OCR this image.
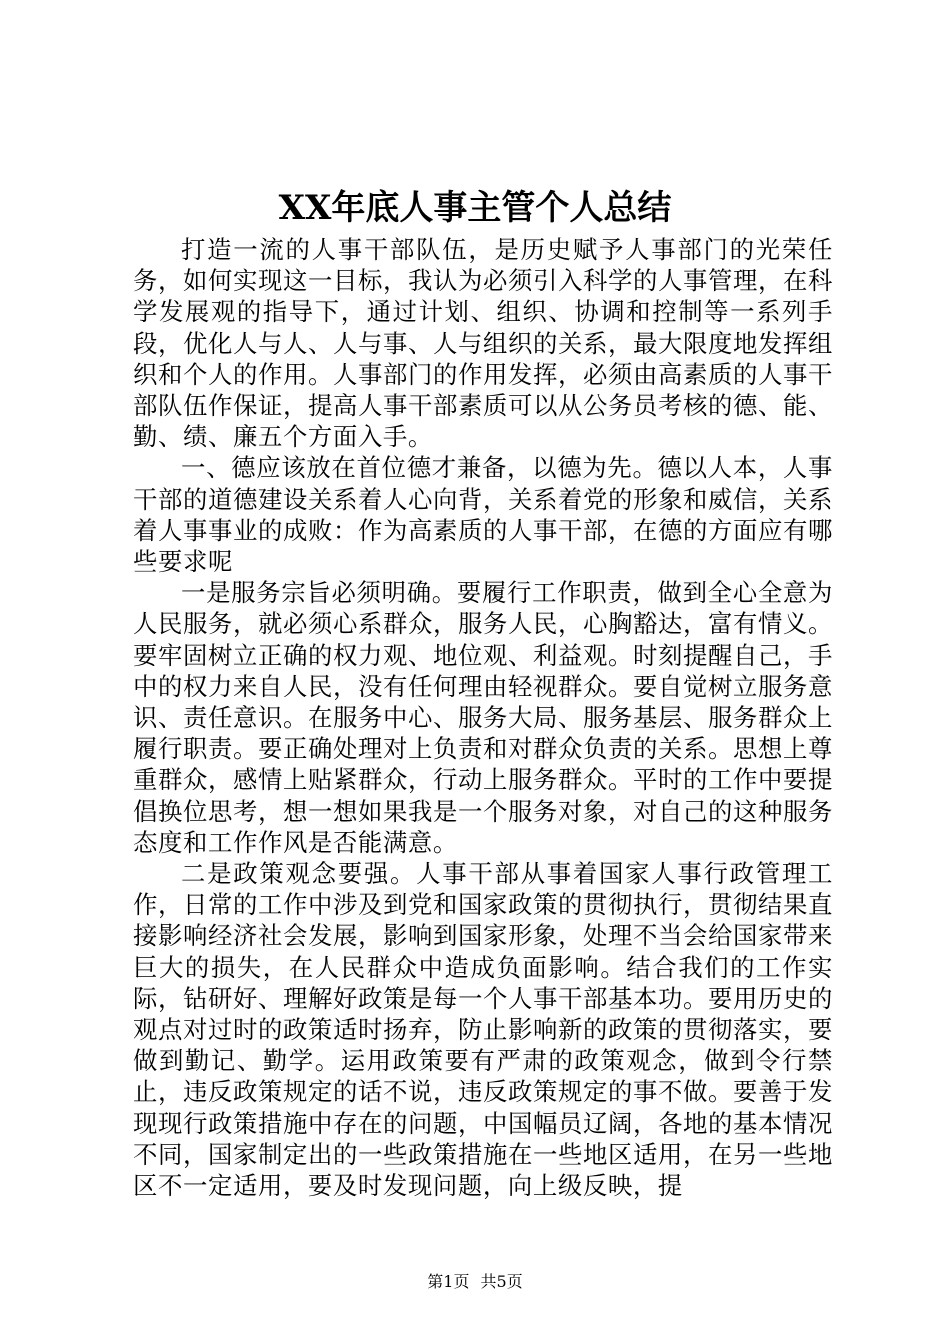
XX年底人事主管个人总结

打造一流的人事干部队伍，是历史赋予人事部门的光荣任务，如何实现这一目标，我认为必须引入科学的人事管理，在科学发展观的指导下，通过计划、组织、协调和控制等一系列手段，优化人与人、人与事、人与组织的关系，最大限度地发挥组织和个人的作用。人事部门的作用发挥，必须由高素质的人事干部队伍作保证，提高人事干部素质可以从公务员考核的德、能、勤、绩、廉五个方面入手。

一、德应该放在首位德才兼备，以德为先。德以人本，人事干部的道德建设关系着人心向背，关系着党的形象和威信，关系着人事事业的成败：作为高素质的人事干部，在德的方面应有哪些要求呢

一是服务宗旨必须明确。要履行工作职责，做到全心全意为人民服务，就必须心系群众，服务人民，心胸豁达，富有情义。要牢固树立正确的权力观、地位观、利益观。时刻提醒自己，手中的权力来自人民，没有任何理由轻视群众。要自觉树立服务意识、责任意识。在服务中心、服务大局、服务基层、服务群众上履行职责。要正确处理对上负责和对群众负责的关系。思想上尊重群众，感情上贴紧群众，行动上服务群众。平时的工作中要提倡换位思考，想一想如果我是一个服务对象，对自己的这种服务态度和工作作风是否能满意。

二是政策观念要强。人事干部从事着国家人事行政管理工作，日常的工作中涉及到党和国家政策的贯彻执行，贯彻结果直接影响经济社会发展，影响到国家形象，处理不当会给国家带来巨大的损失，在人民群众中造成负面影响。结合我们的工作实际，钻研好、理解好政策是每一个人事干部基本功。要用历史的观点对过时的政策适时扬弃，防止影响新的政策的贯彻落实，要做到勤记、勤学。运用政策要有严肃的政策观念，做到令行禁止，违反政策规定的话不说，违反政策规定的事不做。要善于发现现行政策措施中存在的问题，中国幅员辽阔，各地的基本情况不同，国家制定出的一些政策措施在一些地区适用，在另一些地区不一定适用，要及时发现问题，向上级反映，提

第1页 共5页
